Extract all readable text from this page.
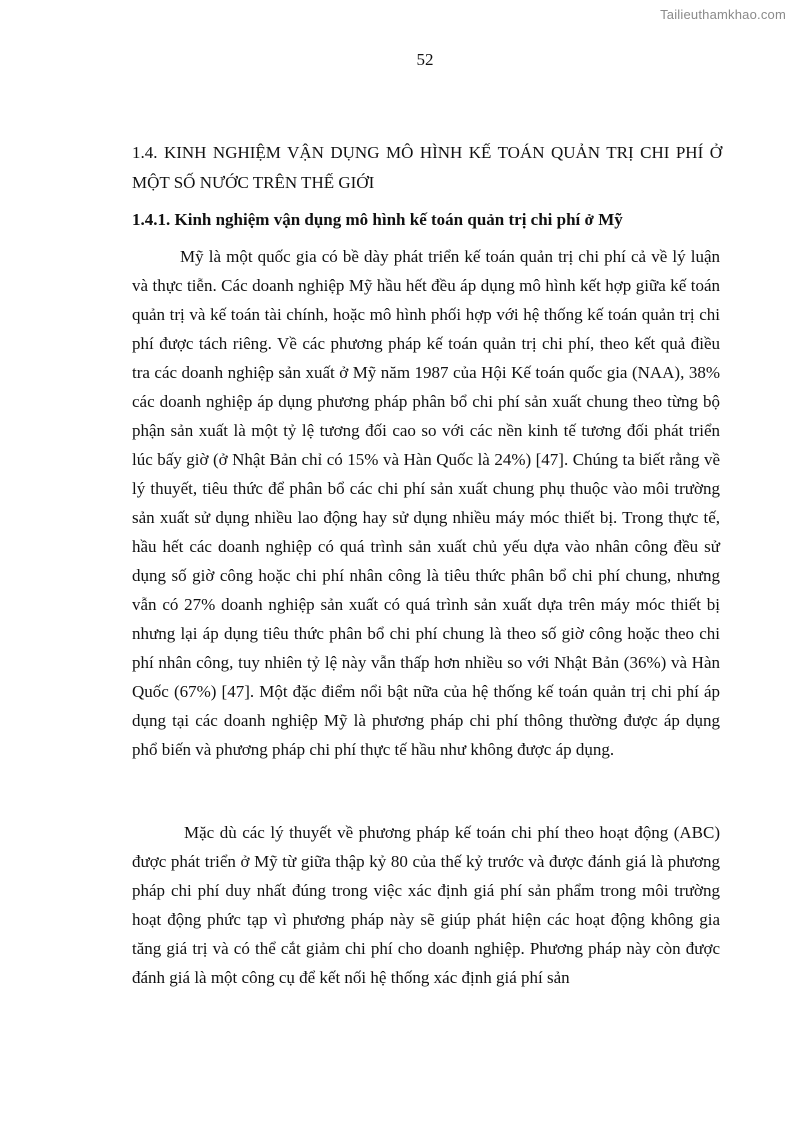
Tailieuthamkhao.com
52
1.4. KINH NGHIỆM VẬN DỤNG MÔ HÌNH KẾ TOÁN QUẢN TRỊ CHI PHÍ Ở MỘT SỐ NƯỚC TRÊN THẾ GIỚI
1.4.1. Kinh nghiệm vận dụng mô hình kế toán quản trị chi phí ở Mỹ

Mỹ là một quốc gia có bề dày phát triển kế toán quản trị chi phí cả về lý luận và thực tiễn. Các doanh nghiệp Mỹ hầu hết đều áp dụng mô hình kết hợp giữa kế toán quản trị và kế toán tài chính, hoặc mô hình phối hợp với hệ thống kế toán quản trị chi phí được tách riêng. Về các phương pháp kế toán quản trị chi phí, theo kết quả điều tra các doanh nghiệp sản xuất ở Mỹ năm 1987 của Hội Kế toán quốc gia (NAA), 38% các doanh nghiệp áp dụng phương pháp phân bổ chi phí sản xuất chung theo từng bộ phận sản xuất là một tỷ lệ tương đối cao so với các nền kinh tế tương đối phát triển lúc bấy giờ (ở Nhật Bản chỉ có 15% và Hàn Quốc là 24%) [47]. Chúng ta biết rằng về lý thuyết, tiêu thức để phân bổ các chi phí sản xuất chung phụ thuộc vào môi trường sản xuất sử dụng nhiều lao động hay sử dụng nhiều máy móc thiết bị. Trong thực tế, hầu hết các doanh nghiệp có quá trình sản xuất chủ yếu dựa vào nhân công đều sử dụng số giờ công hoặc chi phí nhân công là tiêu thức phân bổ chi phí chung, nhưng vẫn có 27% doanh nghiệp sản xuất có quá trình sản xuất dựa trên máy móc thiết bị nhưng lại áp dụng tiêu thức phân bổ chi phí chung là theo số giờ công hoặc theo chi phí nhân công, tuy nhiên tỷ lệ này vẫn thấp hơn nhiều so với Nhật Bản (36%) và Hàn Quốc (67%) [47]. Một đặc điểm nổi bật nữa của hệ thống kế toán quản trị chi phí áp dụng tại các doanh nghiệp Mỹ là phương pháp chi phí thông thường được áp dụng phổ biến và phương pháp chi phí thực tế hầu như không được áp dụng.

Mặc dù các lý thuyết về phương pháp kế toán chi phí theo hoạt động (ABC) được phát triển ở Mỹ từ giữa thập kỷ 80 của thế kỷ trước và được đánh giá là phương pháp chi phí duy nhất đúng trong việc xác định giá phí sản phẩm trong môi trường hoạt động phức tạp vì phương pháp này sẽ giúp phát hiện các hoạt động không gia tăng giá trị và có thể cắt giảm chi phí cho doanh nghiệp. Phương pháp này còn được đánh giá là một công cụ để kết nối hệ thống xác định giá phí sản
